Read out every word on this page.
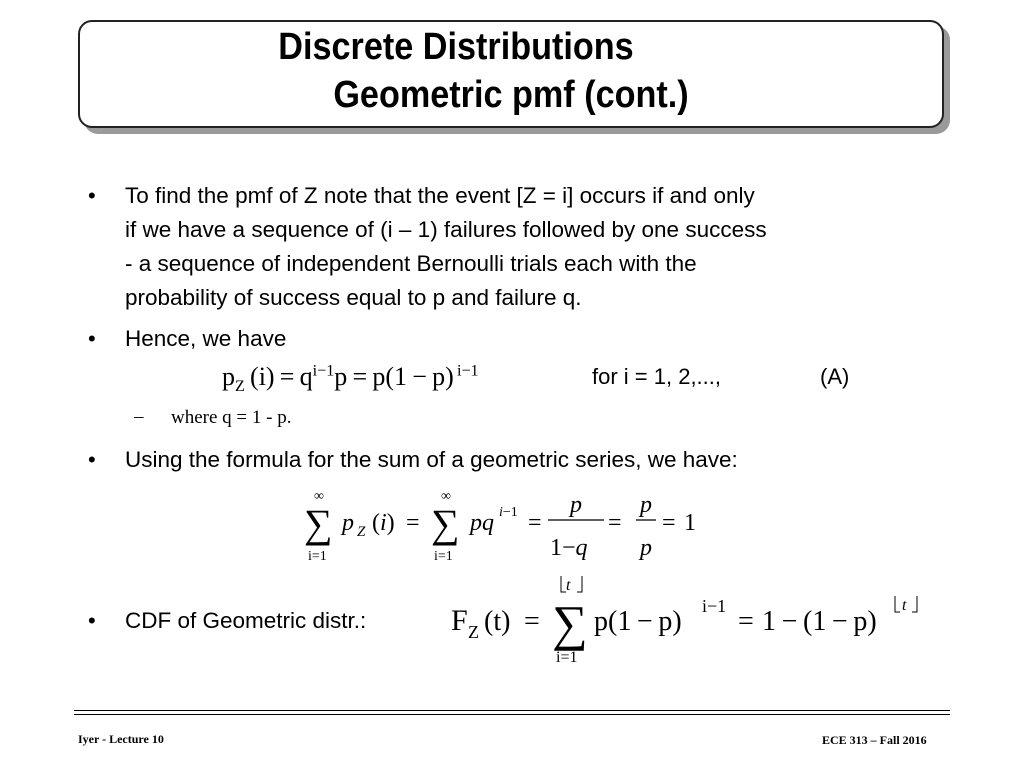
Discrete Distributions
Geometric pmf (cont.)
• To find the pmf of Z note that the event [Z = i] occurs if and only
if we have a sequence of (i – 1) failures followed by one success
- a sequence of independent Bernoulli trials each with the
probability of success equal to p and failure q.
• Hence, we have
$p_Z$ $(i) = q^{i-1}p = p(1 - p)$ $^{i-1}$	for i = 1, 2,...,	(A)
– where q = 1 - p.
• Using the formula for the sum of a geometric series, we have:
∞
∑
i=1
p Z (i) =
∞
∑
i=1
pq i−1 =
p
1−q
=
p
p
= 1
• CDF of Geometric distr.:	F Z (t) =
t
∑
i=1
p(1 − p) i−1 = 1 − (1 − p)
t
Iyer - Lecture 10	ECE 313 – Fall 2016
